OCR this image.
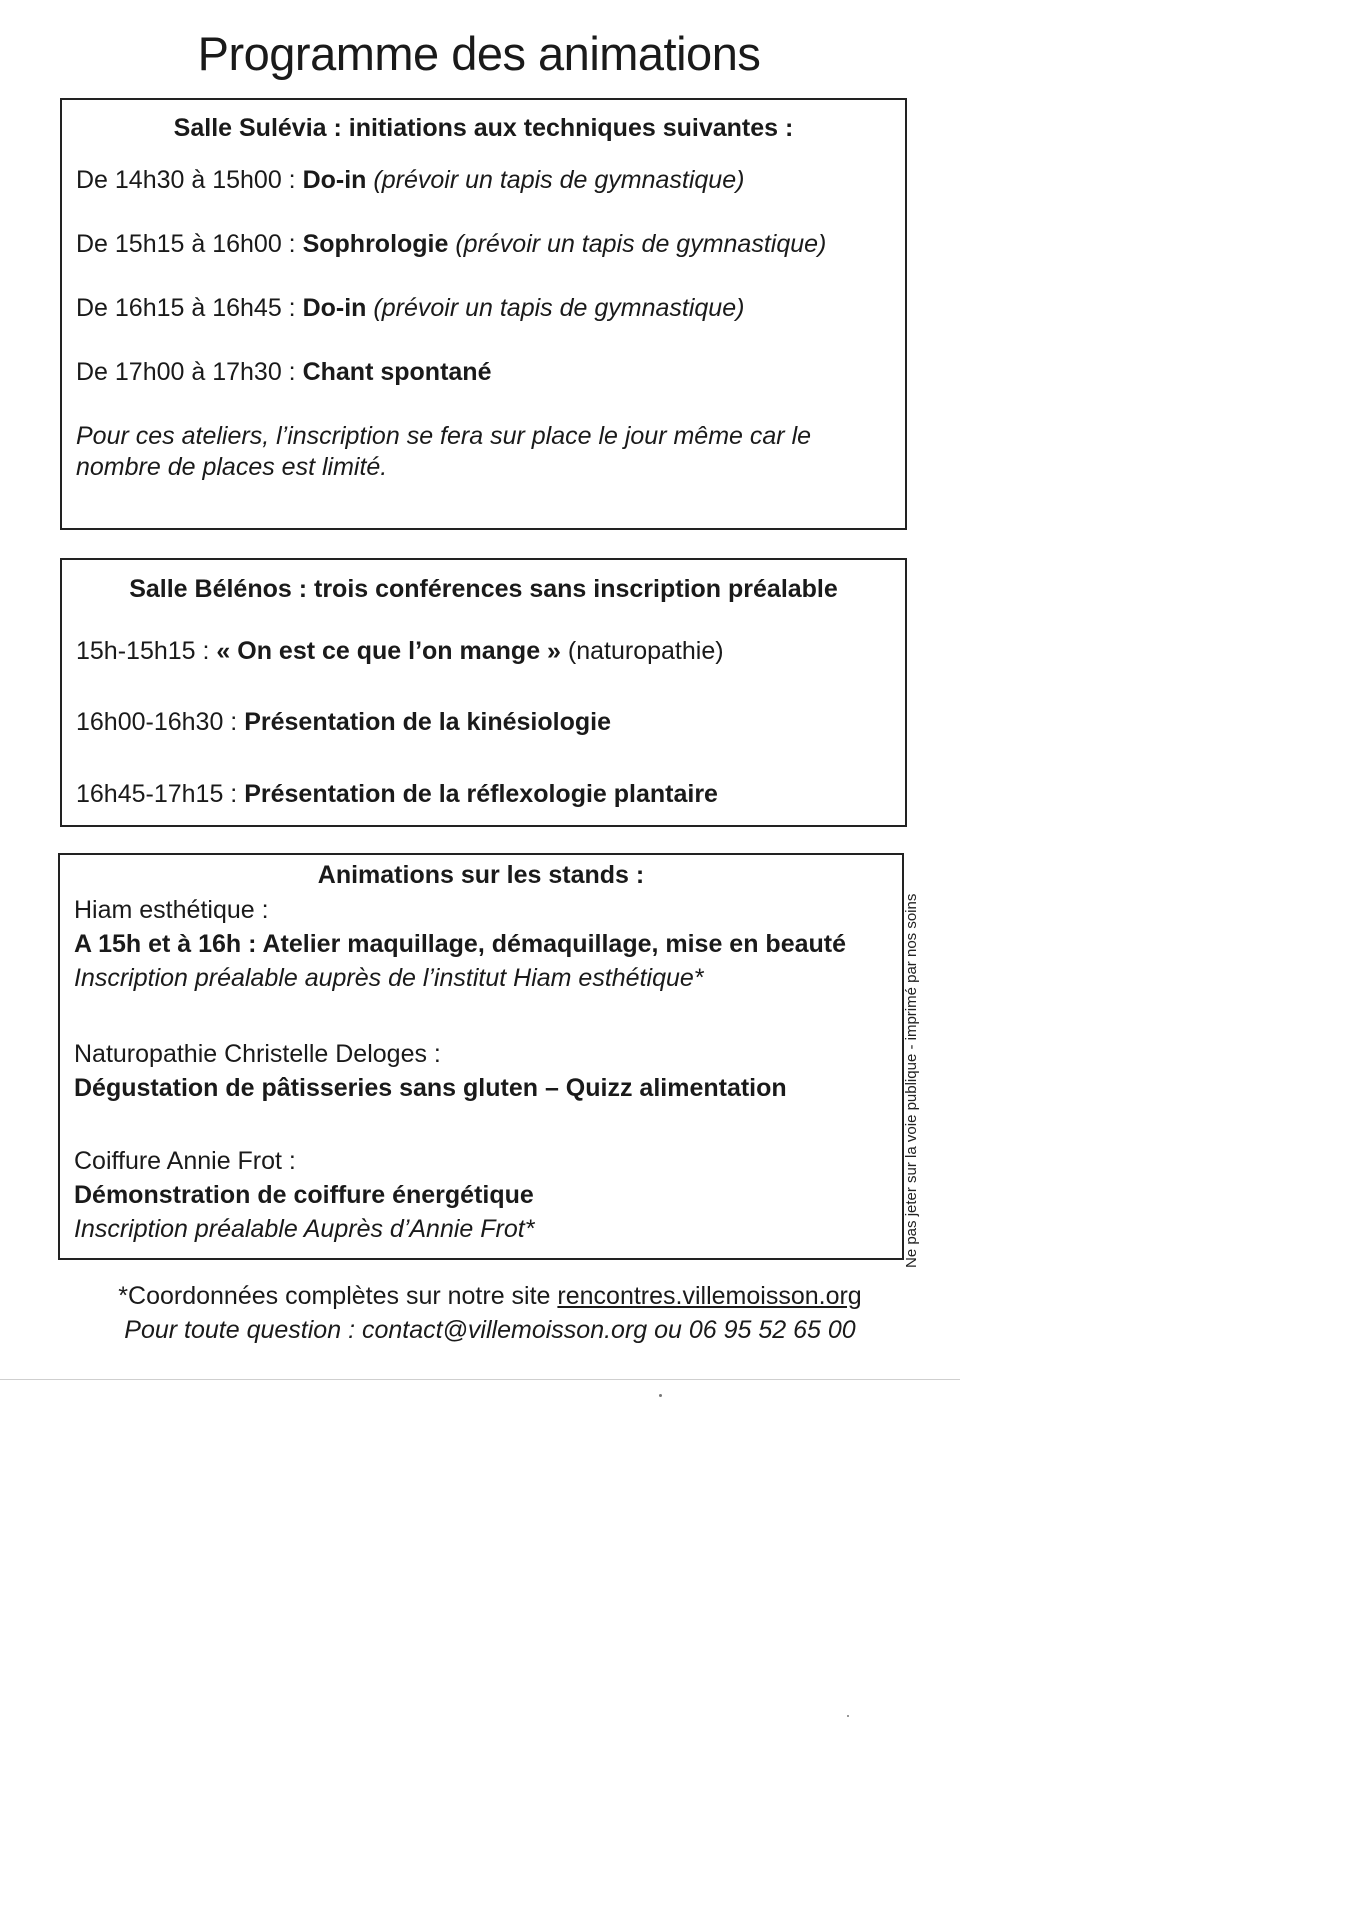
Programme des animations
Salle Sulévia : initiations aux techniques suivantes :
De 14h30 à 15h00 : Do-in (prévoir un tapis de gymnastique)
De 15h15 à 16h00 : Sophrologie (prévoir un tapis de gymnastique)
De 16h15 à 16h45 : Do-in (prévoir un tapis de gymnastique)
De 17h00 à 17h30 : Chant spontané
Pour ces ateliers, l’inscription se fera sur place le jour même car le
nombre de places est limité.
Salle Bélénos : trois conférences sans inscription préalable
15h-15h15 : « On est ce que l’on mange » (naturopathie)
16h00-16h30 : Présentation de la kinésiologie
16h45-17h15 : Présentation de la réflexologie plantaire
Animations sur les stands :
Hiam esthétique :
A 15h et à 16h : Atelier maquillage, démaquillage, mise en beauté
Inscription préalable auprès de l’institut Hiam esthétique*
Naturopathie Christelle Deloges :
Dégustation de pâtisseries sans gluten – Quizz alimentation
Coiffure Annie Frot :
Démonstration de coiffure énergétique
Inscription préalable Auprès d’Annie Frot*	Ne pas jeter sur la voie publique - imprimé par nos soins
*Coordonnées complètes sur notre site rencontres.villemoisson.org
Pour toute question : contact@villemoisson.org ou 06 95 52 65 00
